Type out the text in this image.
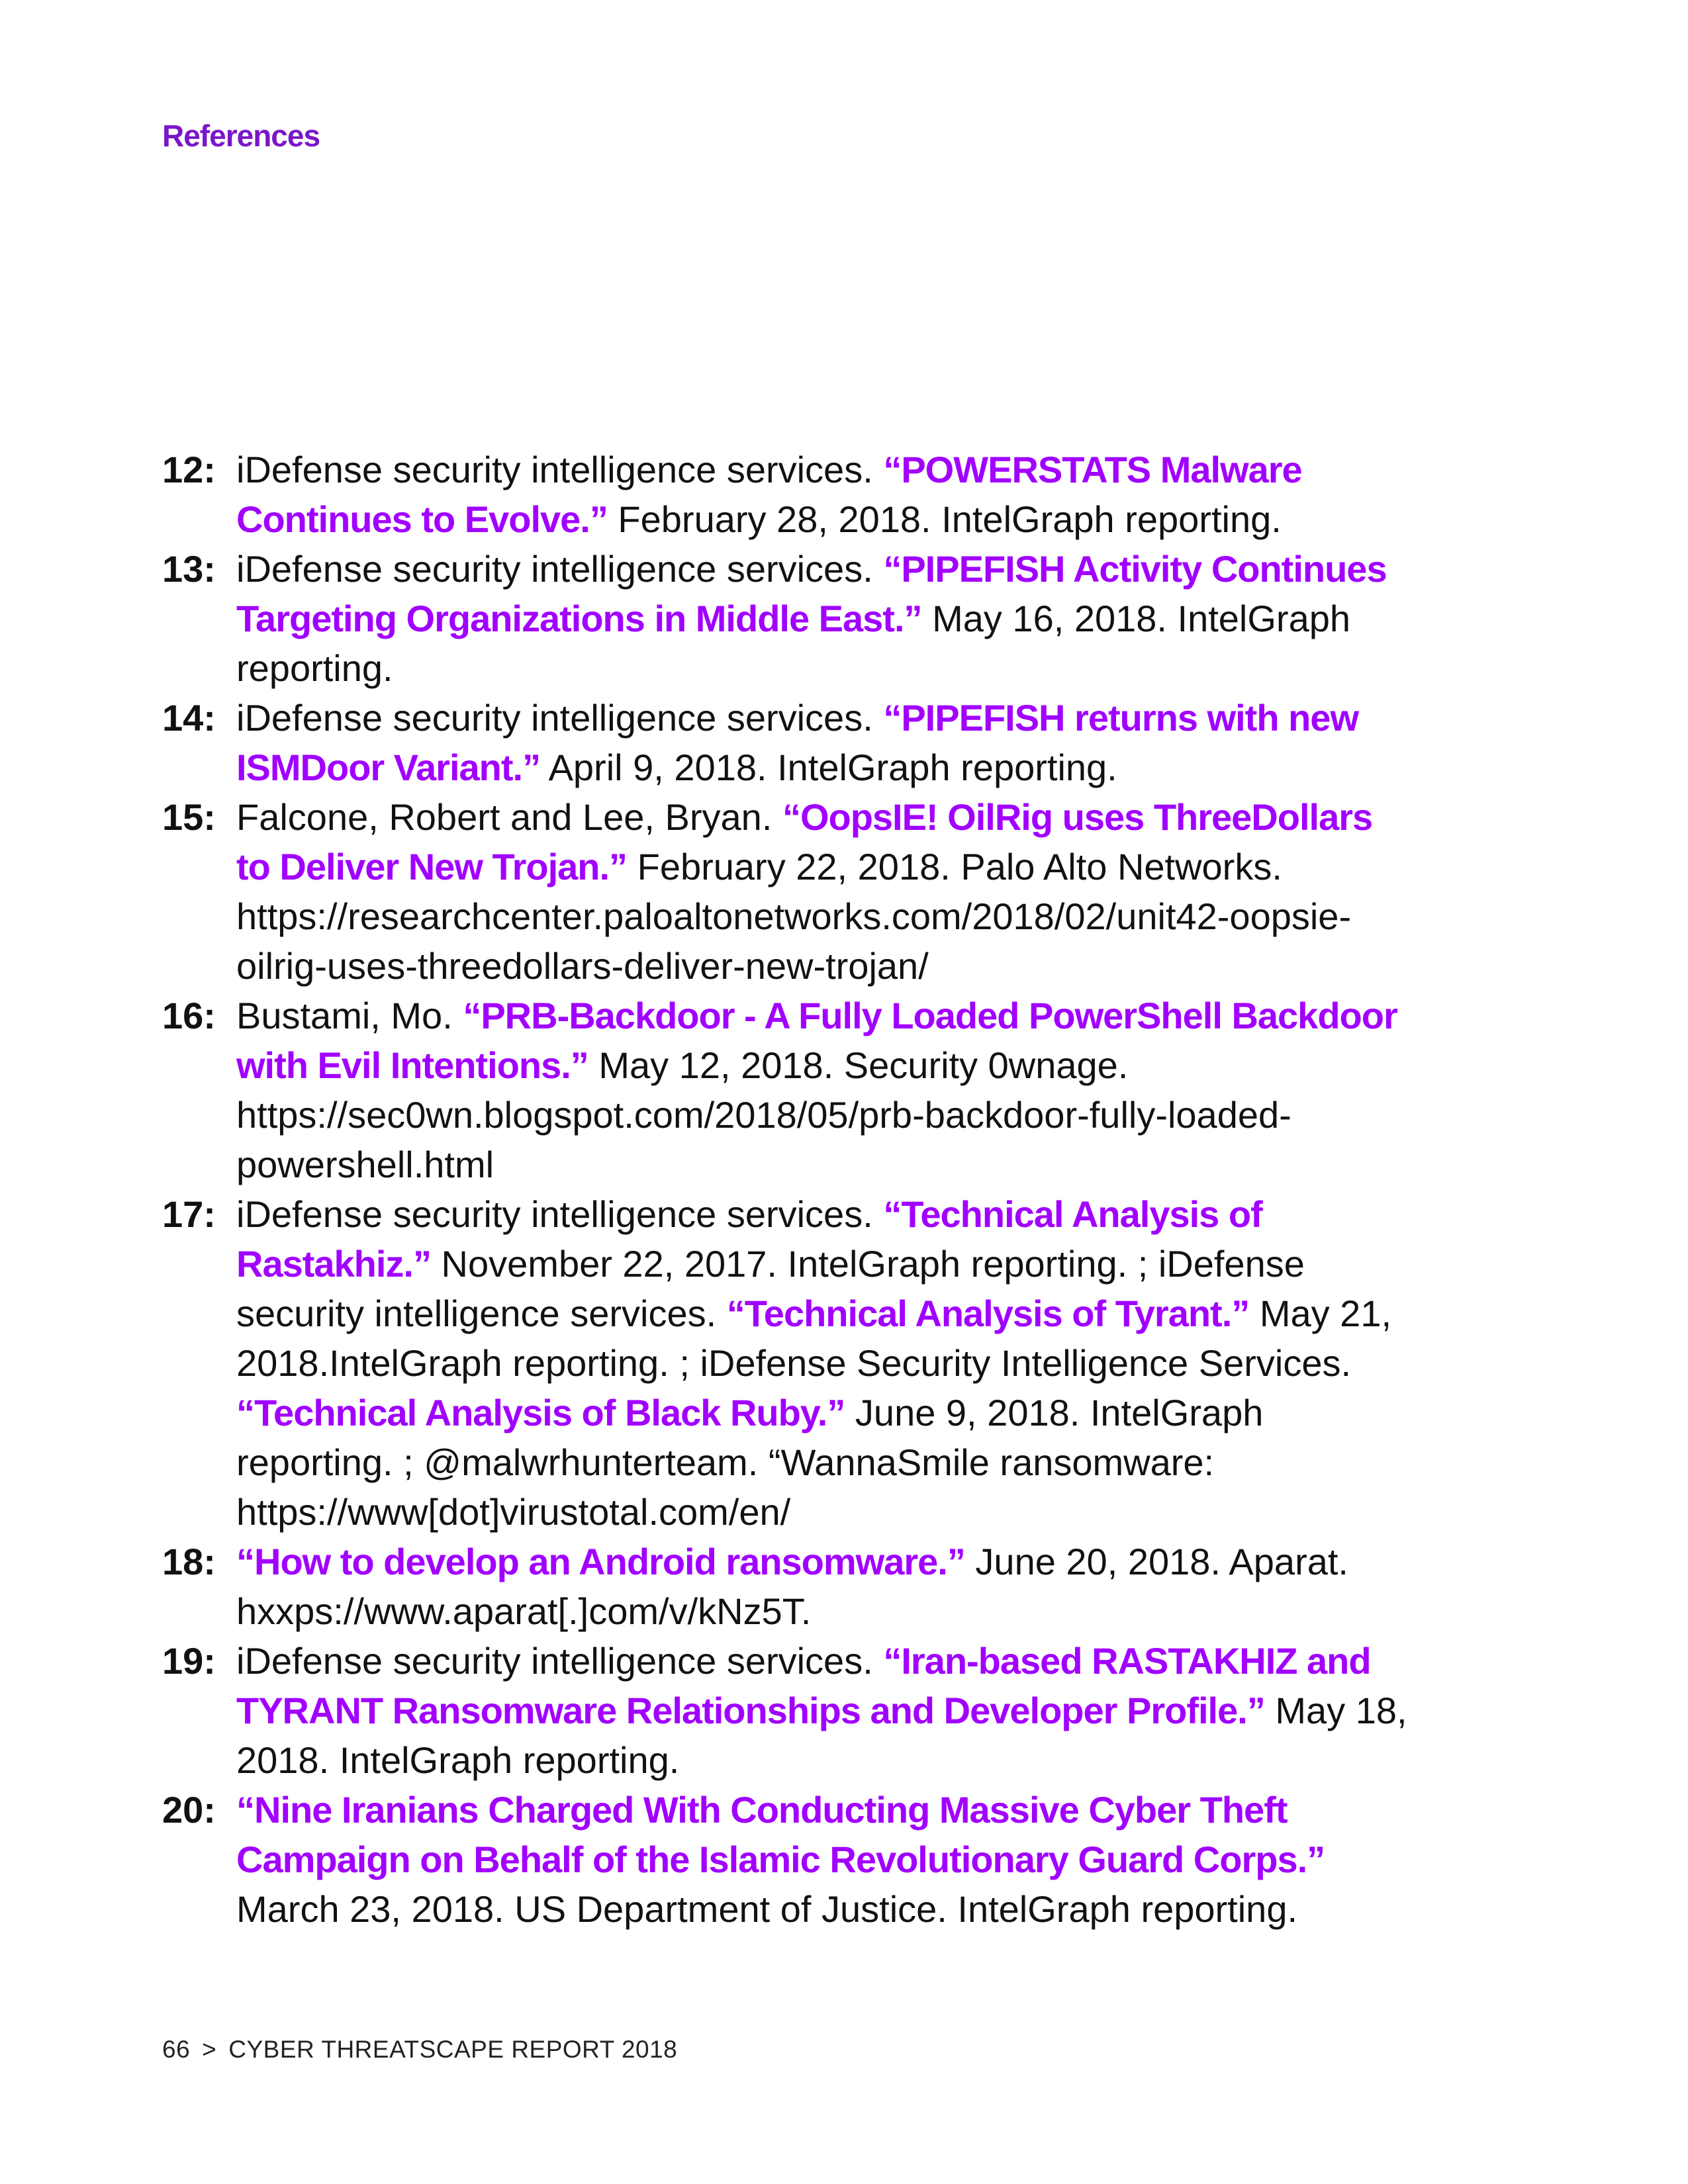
References
12: iDefense security intelligence services. “POWERSTATS Malware Continues to Evolve.” February 28, 2018. IntelGraph reporting.
13: iDefense security intelligence services. “PIPEFISH Activity Continues Targeting Organizations in Middle East.” May 16, 2018. IntelGraph reporting.
14: iDefense security intelligence services. “PIPEFISH returns with new ISMDoor Variant.” April 9, 2018. IntelGraph reporting.
15: Falcone, Robert and Lee, Bryan. “OopsIE! OilRig uses ThreeDollars to Deliver New Trojan.” February 22, 2018. Palo Alto Networks. https://researchcenter.paloaltonetworks.com/2018/02/unit42-oopsie-oilrig-uses-threedollars-deliver-new-trojan/
16: Bustami, Mo. “PRB-Backdoor - A Fully Loaded PowerShell Backdoor with Evil Intentions.” May 12, 2018. Security 0wnage. https://sec0wn.blogspot.com/2018/05/prb-backdoor-fully-loaded-powershell.html
17: iDefense security intelligence services. “Technical Analysis of Rastakhiz.” November 22, 2017. IntelGraph reporting. ; iDefense security intelligence services. “Technical Analysis of Tyrant.” May 21, 2018.IntelGraph reporting. ; iDefense Security Intelligence Services. “Technical Analysis of Black Ruby.” June 9, 2018. IntelGraph reporting. ; @malwrhunterteam. “WannaSmile ransomware: https://www[dot]virustotal.com/en/
18: “How to develop an Android ransomware.” June 20, 2018. Aparat. hxxps://www.aparat[.]com/v/kNz5T.
19: iDefense security intelligence services. “Iran-based RASTAKHIZ and TYRANT Ransomware Relationships and Developer Profile.” May 18, 2018. IntelGraph reporting.
20: “Nine Iranians Charged With Conducting Massive Cyber Theft Campaign on Behalf of the Islamic Revolutionary Guard Corps.” March 23, 2018. US Department of Justice. IntelGraph reporting.
66 > CYBER THREATSCAPE REPORT 2018
